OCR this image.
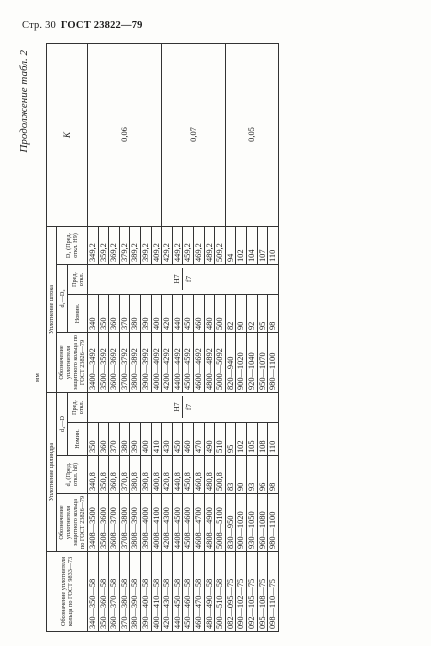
Стр. 30 ГОСТ 23822—79
Продолжение табл. 2
мм
Обозначение уплотнителя кольца по ГОСТ 9833—73	Уплотнение цилиндра				Уплотнение штока				K
	Обозначение уплотнителя защитного кольца по ГОСТ 23826—79	d₄ (Пред. откл. h8)	d₄—D		Обозначение уплотнителя защитного кольца по ГОСТ 23826—79	d₁—D₂		D₁ (Пред. откл. H9)	
			Номин.	Пред. откл.		Номин.	Пред. откл.		
340—350—58	3408—3500	340,8	350	H7 f7	3400—3492	340	H7 f7	349,2	0,06
350—360—58	3508—3600	350,8	360		3500—3592	350		359,2	
360—370—58	3608—3700	360,8	370		3600—3692	360		369,2	
370—380—58	3708—3800	370,8	380		3700—3792	370		379,2	
380—390—58	3808—3900	380,8	390		3800—3892	380		389,2	
390—400—58	3908—4000	390,8	400		3900—3992	390		399,2	
400—410—58	4008—4100	400,8	410		4000—4092	400		409,2	
420—430—58	4208—4300	420,8	430		4200—4292	420		429,2	0,07
440—450—58	4408—4500	440,8	450		4400—4492	440		449,2	
450—460—58	4508—4600	450,8	460		4500—4592	450		459,2	
460—470—58	4608—4700	460,8	470		4600—4692	460		469,2	
480—490—58	4808—4900	480,8	490		4800—4892	480		489,2	
500—510—58	5008—5100	500,8	510		5000—5092	500		509,2	
082—095—75	830—950	83	95		820—940	82		94	0,05
090—102—75	900—1020	90	102		900—1020	90		102	
092—105—75	930—1050	93	105		920—1040	92		104	
095—108—75	960—1080	96	108		950—1070	95		107	
098—110—75	980—1100	98	110		980—1100	98		110	
